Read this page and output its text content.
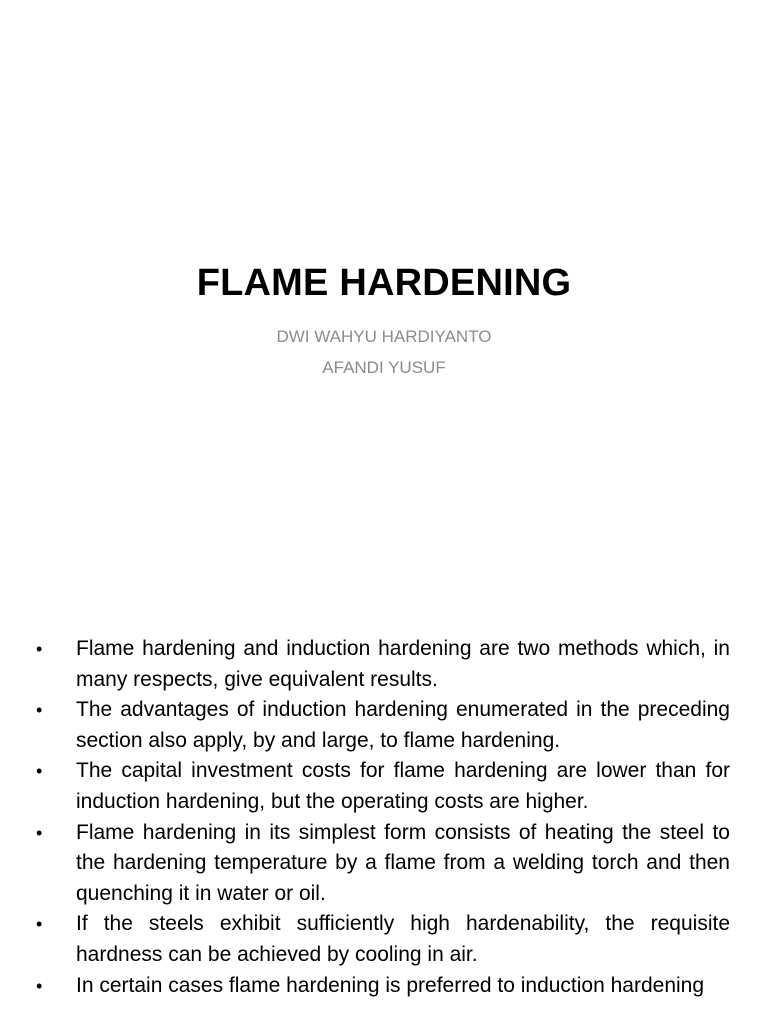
FLAME HARDENING
DWI WAHYU HARDIYANTO
AFANDI YUSUF
• Flame hardening and induction hardening are two methods which, in many respects, give equivalent results.
• The advantages of induction hardening enumerated in the preceding section also apply, by and large, to flame hardening.
• The capital investment costs for flame hardening are lower than for induction hardening, but the operating costs are higher.
• Flame hardening in its simplest form consists of heating the steel to the hardening temperature by a flame from a welding torch and then quenching it in water or oil.
• If the steels exhibit sufficiently high hardenability, the requisite hardness can be achieved by cooling in air.
• In certain cases flame hardening is preferred to induction hardening
